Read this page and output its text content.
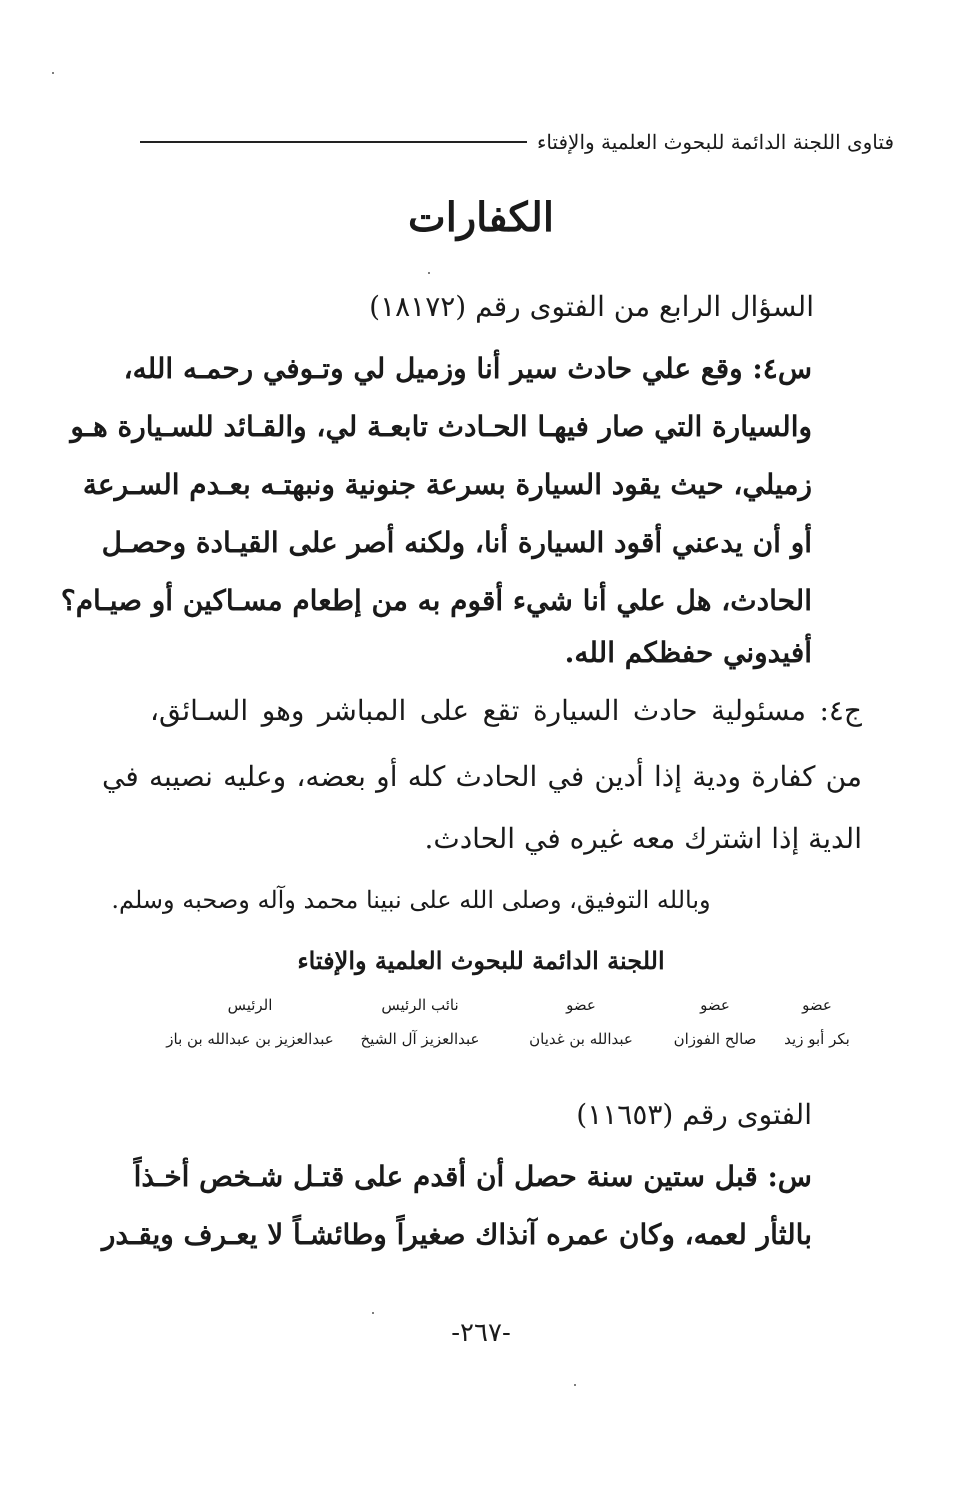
فتاوى اللجنة الدائمة للبحوث العلمية والإفتاء
الكفارات
السؤال الرابع من الفتوى رقم (١٨١٧٢)
س٤: وقع علي حادث سير أنا وزميل لي وتـوفي رحمـه الله،
والسيارة التي صار فيهـا الحـادث تابعـة لي، والقـائد للسـيارة هـو
زميلي، حيث يقود السيارة بسرعة جنونية ونبهتـه بعـدم السـرعة
أو أن يدعني أقود السيارة أنا، ولكنه أصر على القيـادة وحصـل
الحادث، هل علي أنا شيء أقوم به من إطعام مسـاكين أو صيـام؟
أفيدوني حفظكم الله.
ج٤: مسئولية حادث السيارة تقع على المباشر وهو السـائق،
من كفارة ودية إذا أدين في الحادث كله أو بعضه، وعليه نصيبه في
الدية إذا اشترك معه غيره في الحادث.
وبالله التوفيق، وصلى الله على نبينا محمد وآله وصحبه وسلم.
اللجنة الدائمة للبحوث العلمية والإفتاء
عضو
بكر أبو زيد
عضو
صالح الفوزان
عضو
عبدالله بن غديان
نائب الرئيس
عبدالعزيز آل الشيخ
الرئيس
عبدالعزيز بن عبدالله بن باز
الفتوى رقم (١١٦٥٣)
س: قبل ستين سنة حصل أن أقدم على قتـل شـخص أخـذاً
بالثأر لعمه، وكان عمره آنذاك صغيراً وطائشـاً لا يعـرف ويقـدر
-٢٦٧-
